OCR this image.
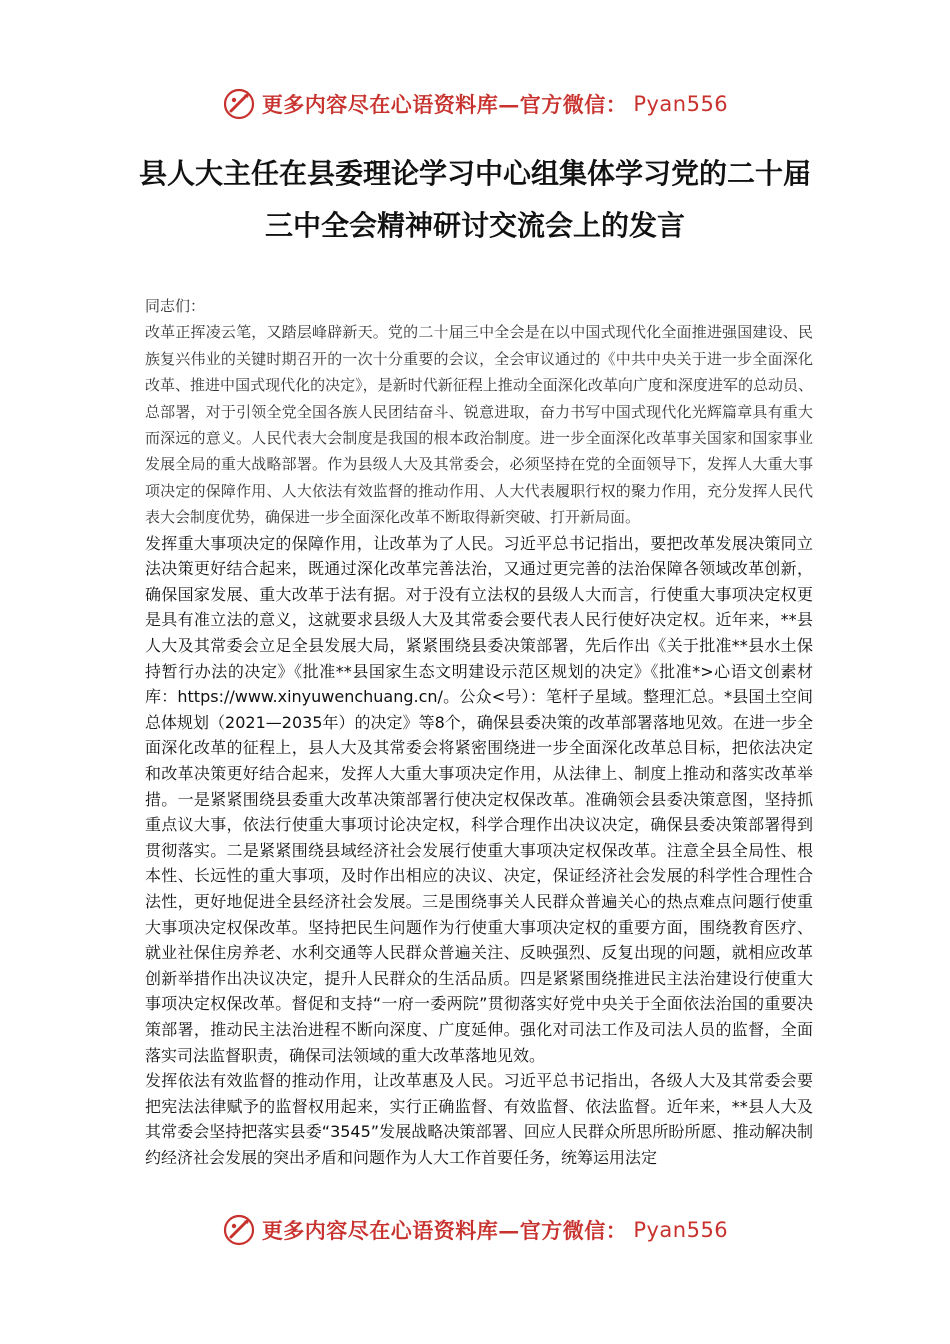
更多内容尽在心语资料库—官方微信： Pyan556
县人大主任在县委理论学习中心组集体学习党的二十届三中全会精神研讨交流会上的发言

同志们：

改革正挥凌云笔，又踏层峰辟新天。党的二十届三中全会是在以中国式现代化全面推进强国建设、民族复兴伟业的关键时期召开的一次十分重要的会议，全会审议通过的《中共中央关于进一步全面深化改革、推进中国式现代化的决定》，是新时代新征程上推动全面深化改革向广度和深度进军的总动员、总部署，对于引领全党全国各族人民团结奋斗、锐意进取，奋力书写中国式现代化光辉篇章具有重大而深远的意义。人民代表大会制度是我国的根本政治制度。进一步全面深化改革事关国家和国家事业发展全局的重大战略部署。作为县级人大及其常委会，必须坚持在党的全面领导下，发挥人大重大事项决定的保障作用、人大依法有效监督的推动作用、人大代表履职行权的聚力作用，充分发挥人民代表大会制度优势，确保进一步全面深化改革不断取得新突破、打开新局面。

发挥重大事项决定的保障作用，让改革为了人民。习近平总书记指出，要把改革发展决策同立法决策更好结合起来，既通过深化改革完善法治，又通过更完善的法治保障各领域改革创新，确保国家发展、重大改革于法有据。对于没有立法权的县级人大而言，行使重大事项决定权更是具有准立法的意义，这就要求县级人大及其常委会要代表人民行使好决定权。近年来，**县人大及其常委会立足全县发展大局，紧紧围绕县委决策部署，先后作出《关于批准**县水土保持暂行办法的决定》《批准**县国家生态文明建设示范区规划的决定》《批准*>心语文创素材库：https://www.xinyuwenchuang.cn/。公众<号）：笔杆子星域。整理汇总。*县国土空间总体规划（2021—2035年）的决定》等8个，确保县委决策的改革部署落地见效。在进一步全面深化改革的征程上，县人大及其常委会将紧密围绕进一步全面深化改革总目标，把依法决定和改革决策更好结合起来，发挥人大重大事项决定作用，从法律上、制度上推动和落实改革举措。一是紧紧围绕县委重大改革决策部署行使决定权保改革。准确领会县委决策意图，坚持抓重点议大事，依法行使重大事项讨论决定权，科学合理作出决议决定，确保县委决策部署得到贯彻落实。二是紧紧围绕县域经济社会发展行使重大事项决定权保改革。注意全县全局性、根本性、长远性的重大事项，及时作出相应的决议、决定，保证经济社会发展的科学性合理性合法性，更好地促进全县经济社会发展。三是围绕事关人民群众普遍关心的热点难点问题行使重大事项决定权保改革。坚持把民生问题作为行使重大事项决定权的重要方面，围绕教育医疗、就业社保住房养老、水利交通等人民群众普遍关注、反映强烈、反复出现的问题，就相应改革创新举措作出决议决定，提升人民群众的生活品质。四是紧紧围绕推进民主法治建设行使重大事项决定权保改革。督促和支持“一府一委两院”贯彻落实好党中央关于全面依法治国的重要决策部署，推动民主法治进程不断向深度、广度延伸。强化对司法工作及司法人员的监督，全面落实司法监督职责，确保司法领域的重大改革落地见效。

发挥依法有效监督的推动作用，让改革惠及人民。习近平总书记指出，各级人大及其常委会要把宪法法律赋予的监督权用起来，实行正确监督、有效监督、依法监督。近年来，**县人大及其常委会坚持把落实县委“3545”发展战略决策部署、回应人民群众所思所盼所愿、推动解决制约经济社会发展的突出矛盾和问题作为人大工作首要任务，统筹运用法定

更多内容尽在心语资料库—官方微信： Pyan556
